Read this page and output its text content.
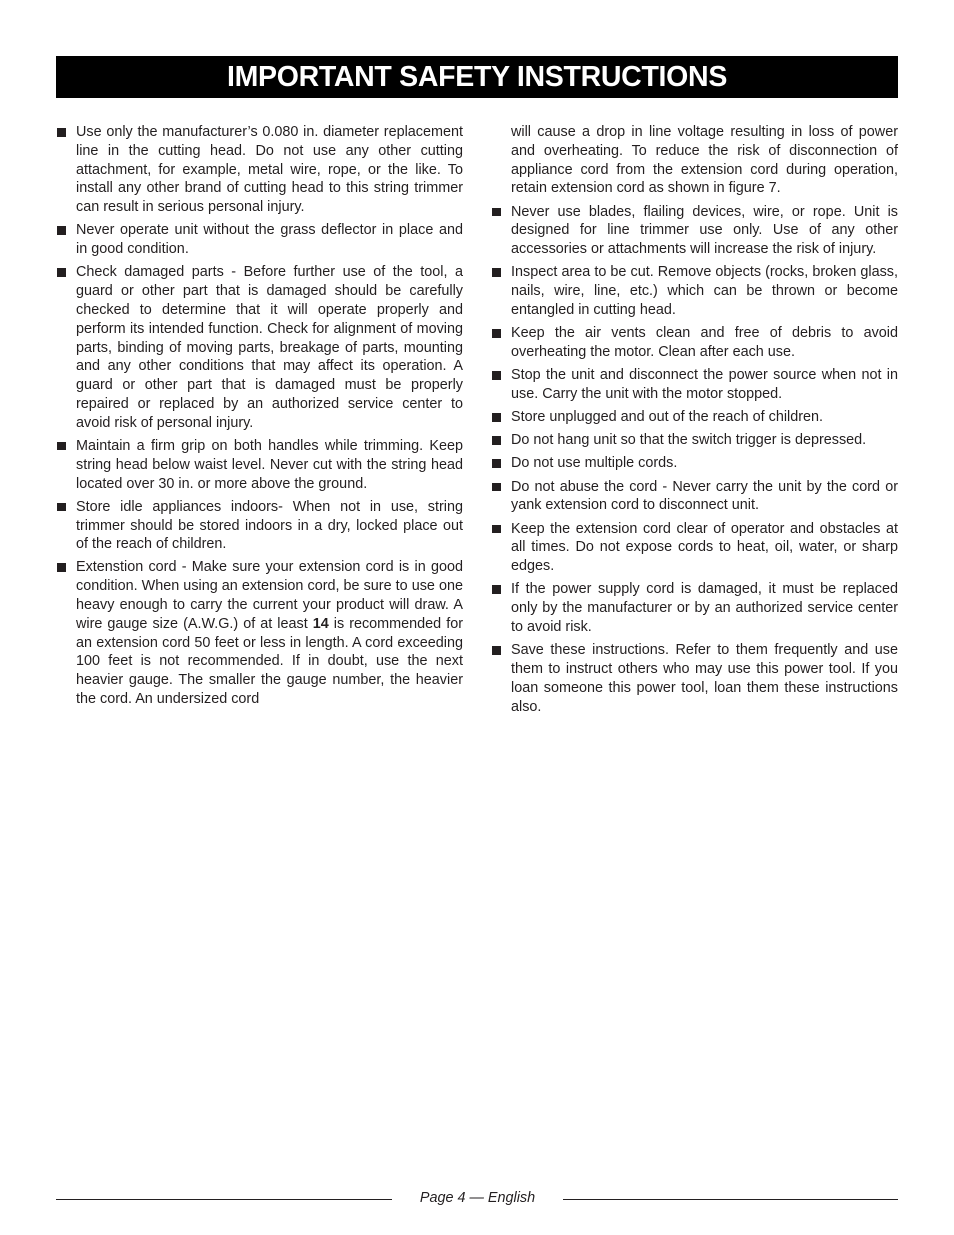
IMPORTANT SAFETY INSTRUCTIONS
Use only the manufacturer’s 0.080 in. diameter replacement line in the cutting head. Do not use any other cutting attachment, for example, metal wire, rope, or the like. To install any other brand of cutting head to this string trimmer can result in serious personal injury.
Never operate unit without the grass deflector in place and in good condition.
Check damaged parts - Before further use of the tool, a guard or other part that is damaged should be carefully checked to determine that it will operate properly and perform its intended function. Check for alignment of moving parts, binding of moving parts, breakage of parts, mounting and any other conditions that may affect its operation. A guard or other part that is damaged must be properly repaired or replaced by an authorized service center to avoid risk of personal injury.
Maintain a firm grip on both handles while trimming. Keep string head below waist level. Never cut with the string head located over 30 in. or more above the ground.
Store idle appliances indoors- When not in use, string trimmer should be stored indoors in a dry, locked place out of the reach of children.
Extenstion cord - Make sure your extension cord is in good condition. When using an extension cord, be sure to use one heavy enough to carry the current your product will draw. A wire gauge size (A.W.G.) of at least 14 is recommended for an extension cord 50 feet or less in length. A cord exceeding 100 feet is not recommended. If in doubt, use the next heavier gauge. The smaller the gauge number, the heavier the cord. An undersized cord

will cause a drop in line voltage resulting in loss of power and overheating. To reduce the risk of disconnection of appliance cord from the extension cord during operation, retain extension cord as shown in figure 7.

Never use blades, flailing devices, wire, or rope. Unit is designed for line trimmer use only. Use of any other accessories or attachments will increase the risk of injury.
Inspect area to be cut. Remove objects (rocks, broken glass, nails, wire, line, etc.) which can be thrown or become entangled in cutting head.
Keep the air vents clean and free of debris to avoid overheating the motor. Clean after each use.
Stop the unit and disconnect the power source when not in use. Carry the unit with the motor stopped.
Store unplugged and out of the reach of children.
Do not hang unit so that the switch trigger is depressed.
Do not use multiple cords.
Do not abuse the cord - Never carry the unit by the cord or yank extension cord to disconnect unit.
Keep the extension cord clear of operator and obstacles at all times. Do not expose cords to heat, oil, water, or sharp edges.
If the power supply cord is damaged, it must be replaced only by the manufacturer or by an authorized service center to avoid risk.
Save these instructions. Refer to them frequently and use them to instruct others who may use this power tool. If you loan someone this power tool, loan them these instructions also.
Page 4 — English
